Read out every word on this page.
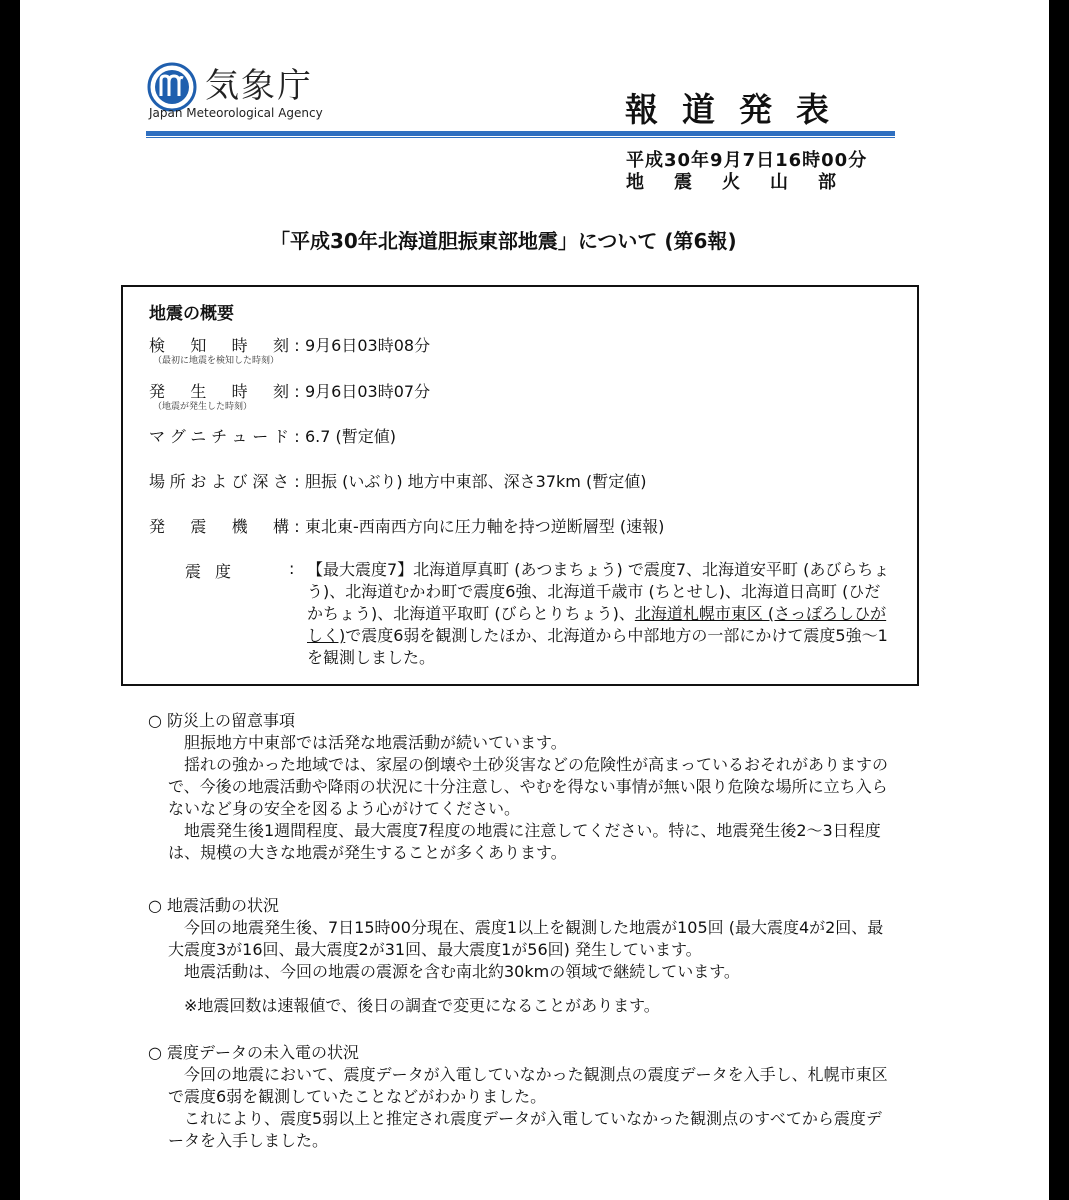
気象庁
Japan Meteorological Agency	報道発表
平成30年9月7日16時00分
地震火山部
「平成30年北海道胆振東部地震」について (第6報)
地震の概要
検知時刻 : 9月6日03時08分
（最初に地震を検知した時刻）
発生時刻 : 9月6日03時07分
（地震が発生した時刻）
マグニチュード : 6.7 (暫定値)
場所および深さ : 胆振 (いぶり) 地方中東部、深さ37km (暫定値)
発震機構 : 東北東-西南西方向に圧力軸を持つ逆断層型 (速報)
震度	: 【最大震度7】北海道厚真町 (あつまちょう) で震度7、北海道安平町 (あびらちょう)、北海道むかわ町で震度6強、北海道千歳市 (ちとせし)、北海道日高町 (ひだかちょう)、北海道平取町 (びらとりちょう)、北海道札幌市東区 (さっぽろしひがしく)で震度6弱を観測したほか、北海道から中部地方の一部にかけて震度5強～1を観測しました。
○ 防災上の留意事項

胆振地方中東部では活発な地震活動が続いています。

揺れの強かった地域では、家屋の倒壊や土砂災害などの危険性が高まっているおそれがありますので、今後の地震活動や降雨の状況に十分注意し、やむを得ない事情が無い限り危険な場所に立ち入らないなど身の安全を図るよう心がけてください。

地震発生後1週間程度、最大震度7程度の地震に注意してください。特に、地震発生後2～3日程度は、規模の大きな地震が発生することが多くあります。

○ 地震活動の状況

今回の地震発生後、7日15時00分現在、震度1以上を観測した地震が105回 (最大震度4が2回、最大震度3が16回、最大震度2が31回、最大震度1が56回) 発生しています。

地震活動は、今回の地震の震源を含む南北約30kmの領域で継続しています。

※地震回数は速報値で、後日の調査で変更になることがあります。

○ 震度データの未入電の状況

今回の地震において、震度データが入電していなかった観測点の震度データを入手し、札幌市東区で震度6弱を観測していたことなどがわかりました。

これにより、震度5弱以上と推定され震度データが入電していなかった観測点のすべてから震度データを入手しました。
